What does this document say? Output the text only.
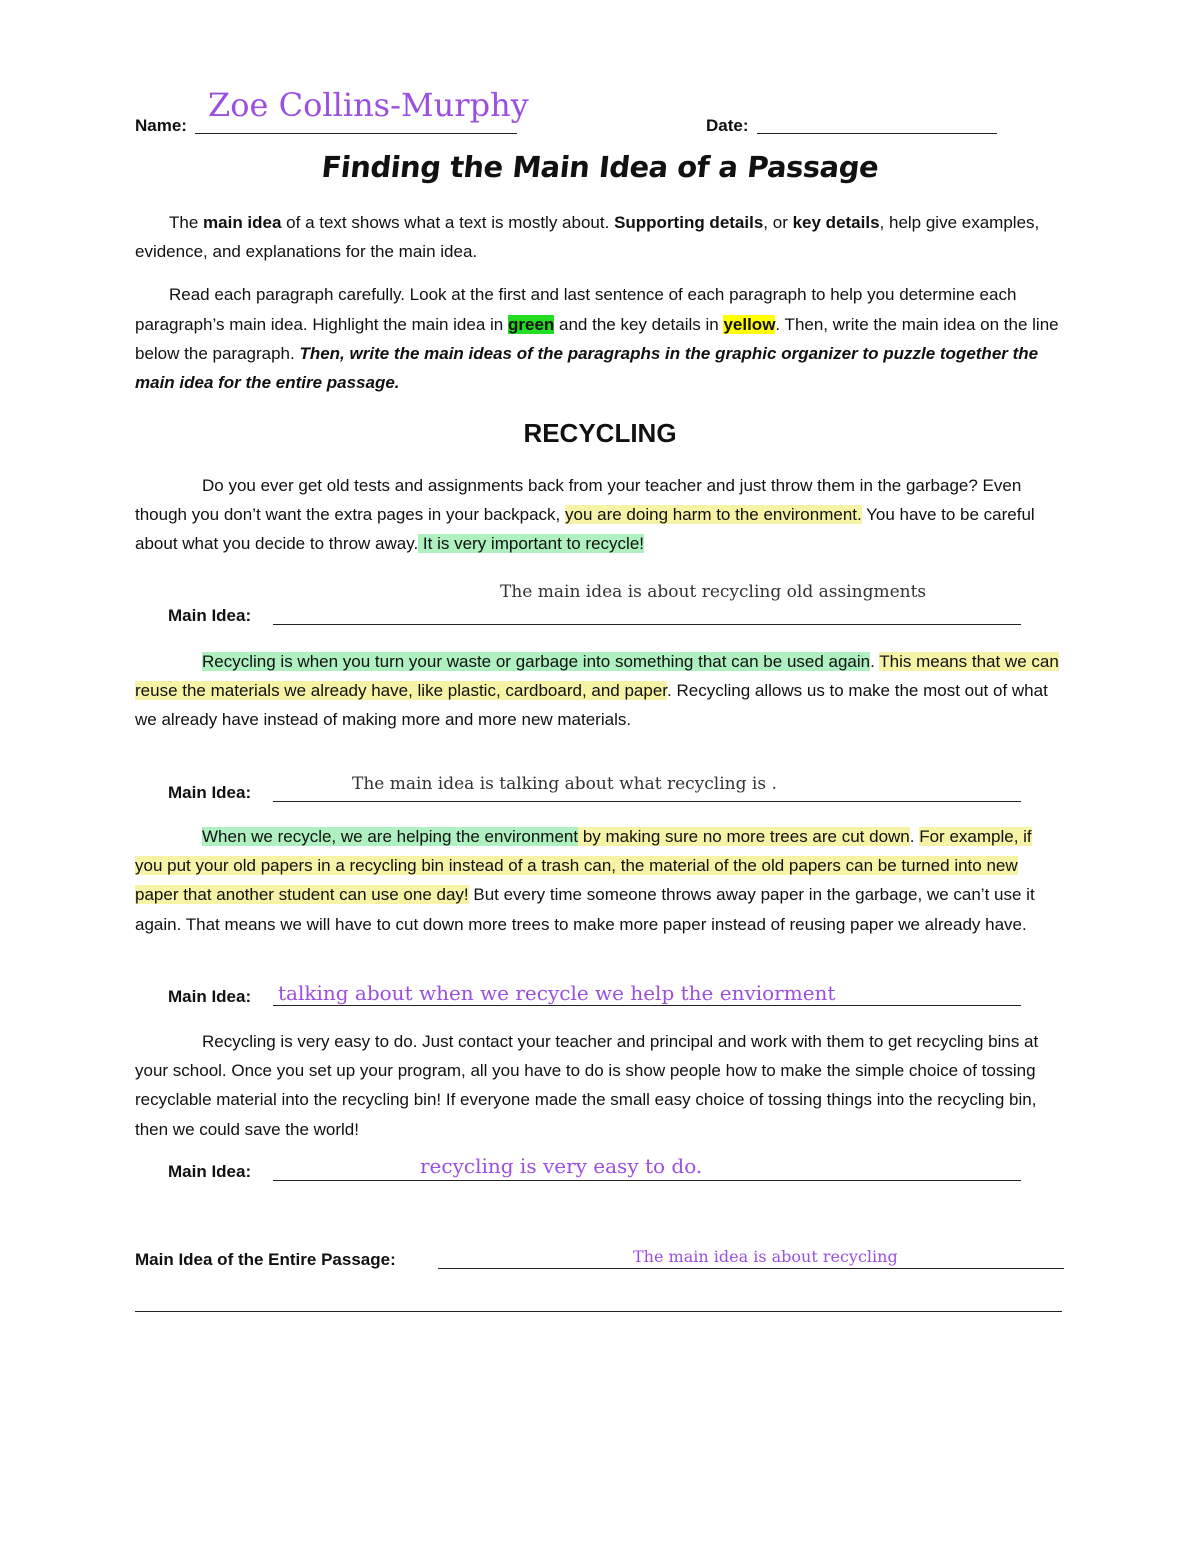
Name:
Zoe Collins-Murphy
Date:
Finding the Main Idea of a Passage

The main idea of a text shows what a text is mostly about. Supporting details, or key details, help give examples, evidence, and explanations for the main idea.

Read each paragraph carefully. Look at the first and last sentence of each paragraph to help you determine each paragraph’s main idea. Highlight the main idea in green and the key details in yellow. Then, write the main idea on the line below the paragraph. Then, write the main ideas of the paragraphs in the graphic organizer to puzzle together the main idea for the entire passage.

RECYCLING

Do you ever get old tests and assignments back from your teacher and just throw them in the garbage? Even though you don’t want the extra pages in your backpack, you are doing harm to the environment. You have to be careful about what you decide to throw away. It is very important to recycle!

The main idea is about recycling old assingments
Main Idea:

Recycling is when you turn your waste or garbage into something that can be used again. This means that we can reuse the materials we already have, like plastic, cardboard, and paper. Recycling allows us to make the most out of what we already have instead of making more and more new materials.

The main idea is talking about what recycling is .
Main Idea:

When we recycle, we are helping the environment by making sure no more trees are cut down. For example, if you put your old papers in a recycling bin instead of a trash can, the material of the old papers can be turned into new paper that another student can use one day! But every time someone throws away paper in the garbage, we can’t use it again. That means we will have to cut down more trees to make more paper instead of reusing paper we already have.

talking about when we recycle we help the enviorment
Main Idea:

Recycling is very easy to do. Just contact your teacher and principal and work with them to get recycling bins at your school. Once you set up your program, all you have to do is show people how to make the simple choice of tossing recyclable material into the recycling bin! If everyone made the small easy choice of tossing things into the recycling bin, then we could save the world!

recycling is very easy to do.
Main Idea:
Main Idea of the Entire Passage:	The main idea is about recycling
